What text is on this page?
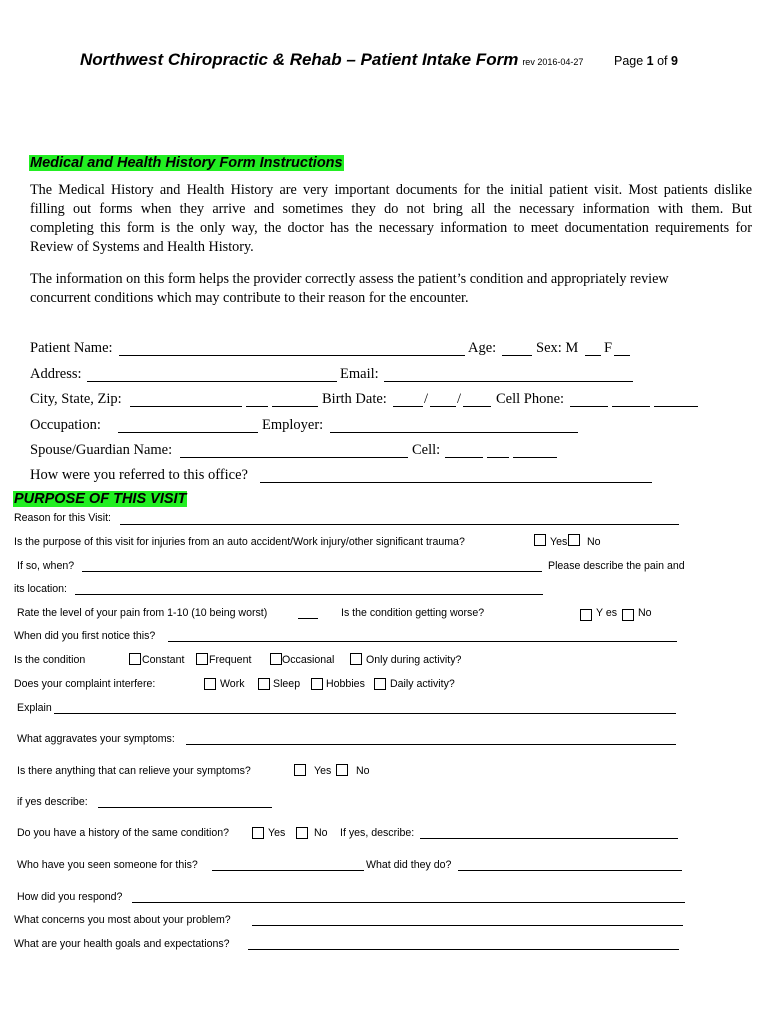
Northwest Chiropractic & Rehab – Patient Intake Form rev 2016-04-27 Page 1 of 9
Medical and Health History Form Instructions
The Medical History and Health History are very important documents for the initial patient visit. Most patients dislike
filling out forms when they arrive and sometimes they do not bring all the necessary information with them. But
completing this form is the only way, the doctor has the necessary information to meet documentation requirements for
Review of Systems and Health History.
The information on this form helps the provider correctly assess the patient’s condition and appropriately review
concurrent conditions which may contribute to their reason for the encounter.
Patient Name:	Age:	Sex: M F
Address:	Email:
City, State, Zip:	Birth Date:	/ / Cell Phone:
Occupation:	Employer:
Spouse/Guardian Name:	Cell:
How were you referred to this office?
PURPOSE OF THIS VISIT
Reason for this Visit:
Is the purpose of this visit for injuries from an auto accident/Work injury/other significant trauma?	Yes No
If so, when?	Please describe the pain and
its location:
Rate the level of your pain from 1-10 (10 being worst)	Is the condition getting worse?	Y es No
When did you first notice this?
Is the condition	Constant Frequent	Occasional	Only during activity?
Does your complaint interfere:	Work	Sleep Hobbies Daily activity?
Explain
What aggravates your symptoms:
Is there anything that can relieve your symptoms?	Yes No
if yes describe:
Do you have a history of the same condition?	Yes	No If yes, describe:
Who have you seen someone for this?	What did they do?
How did you respond?
What concerns you most about your problem?
What are your health goals and expectations?
